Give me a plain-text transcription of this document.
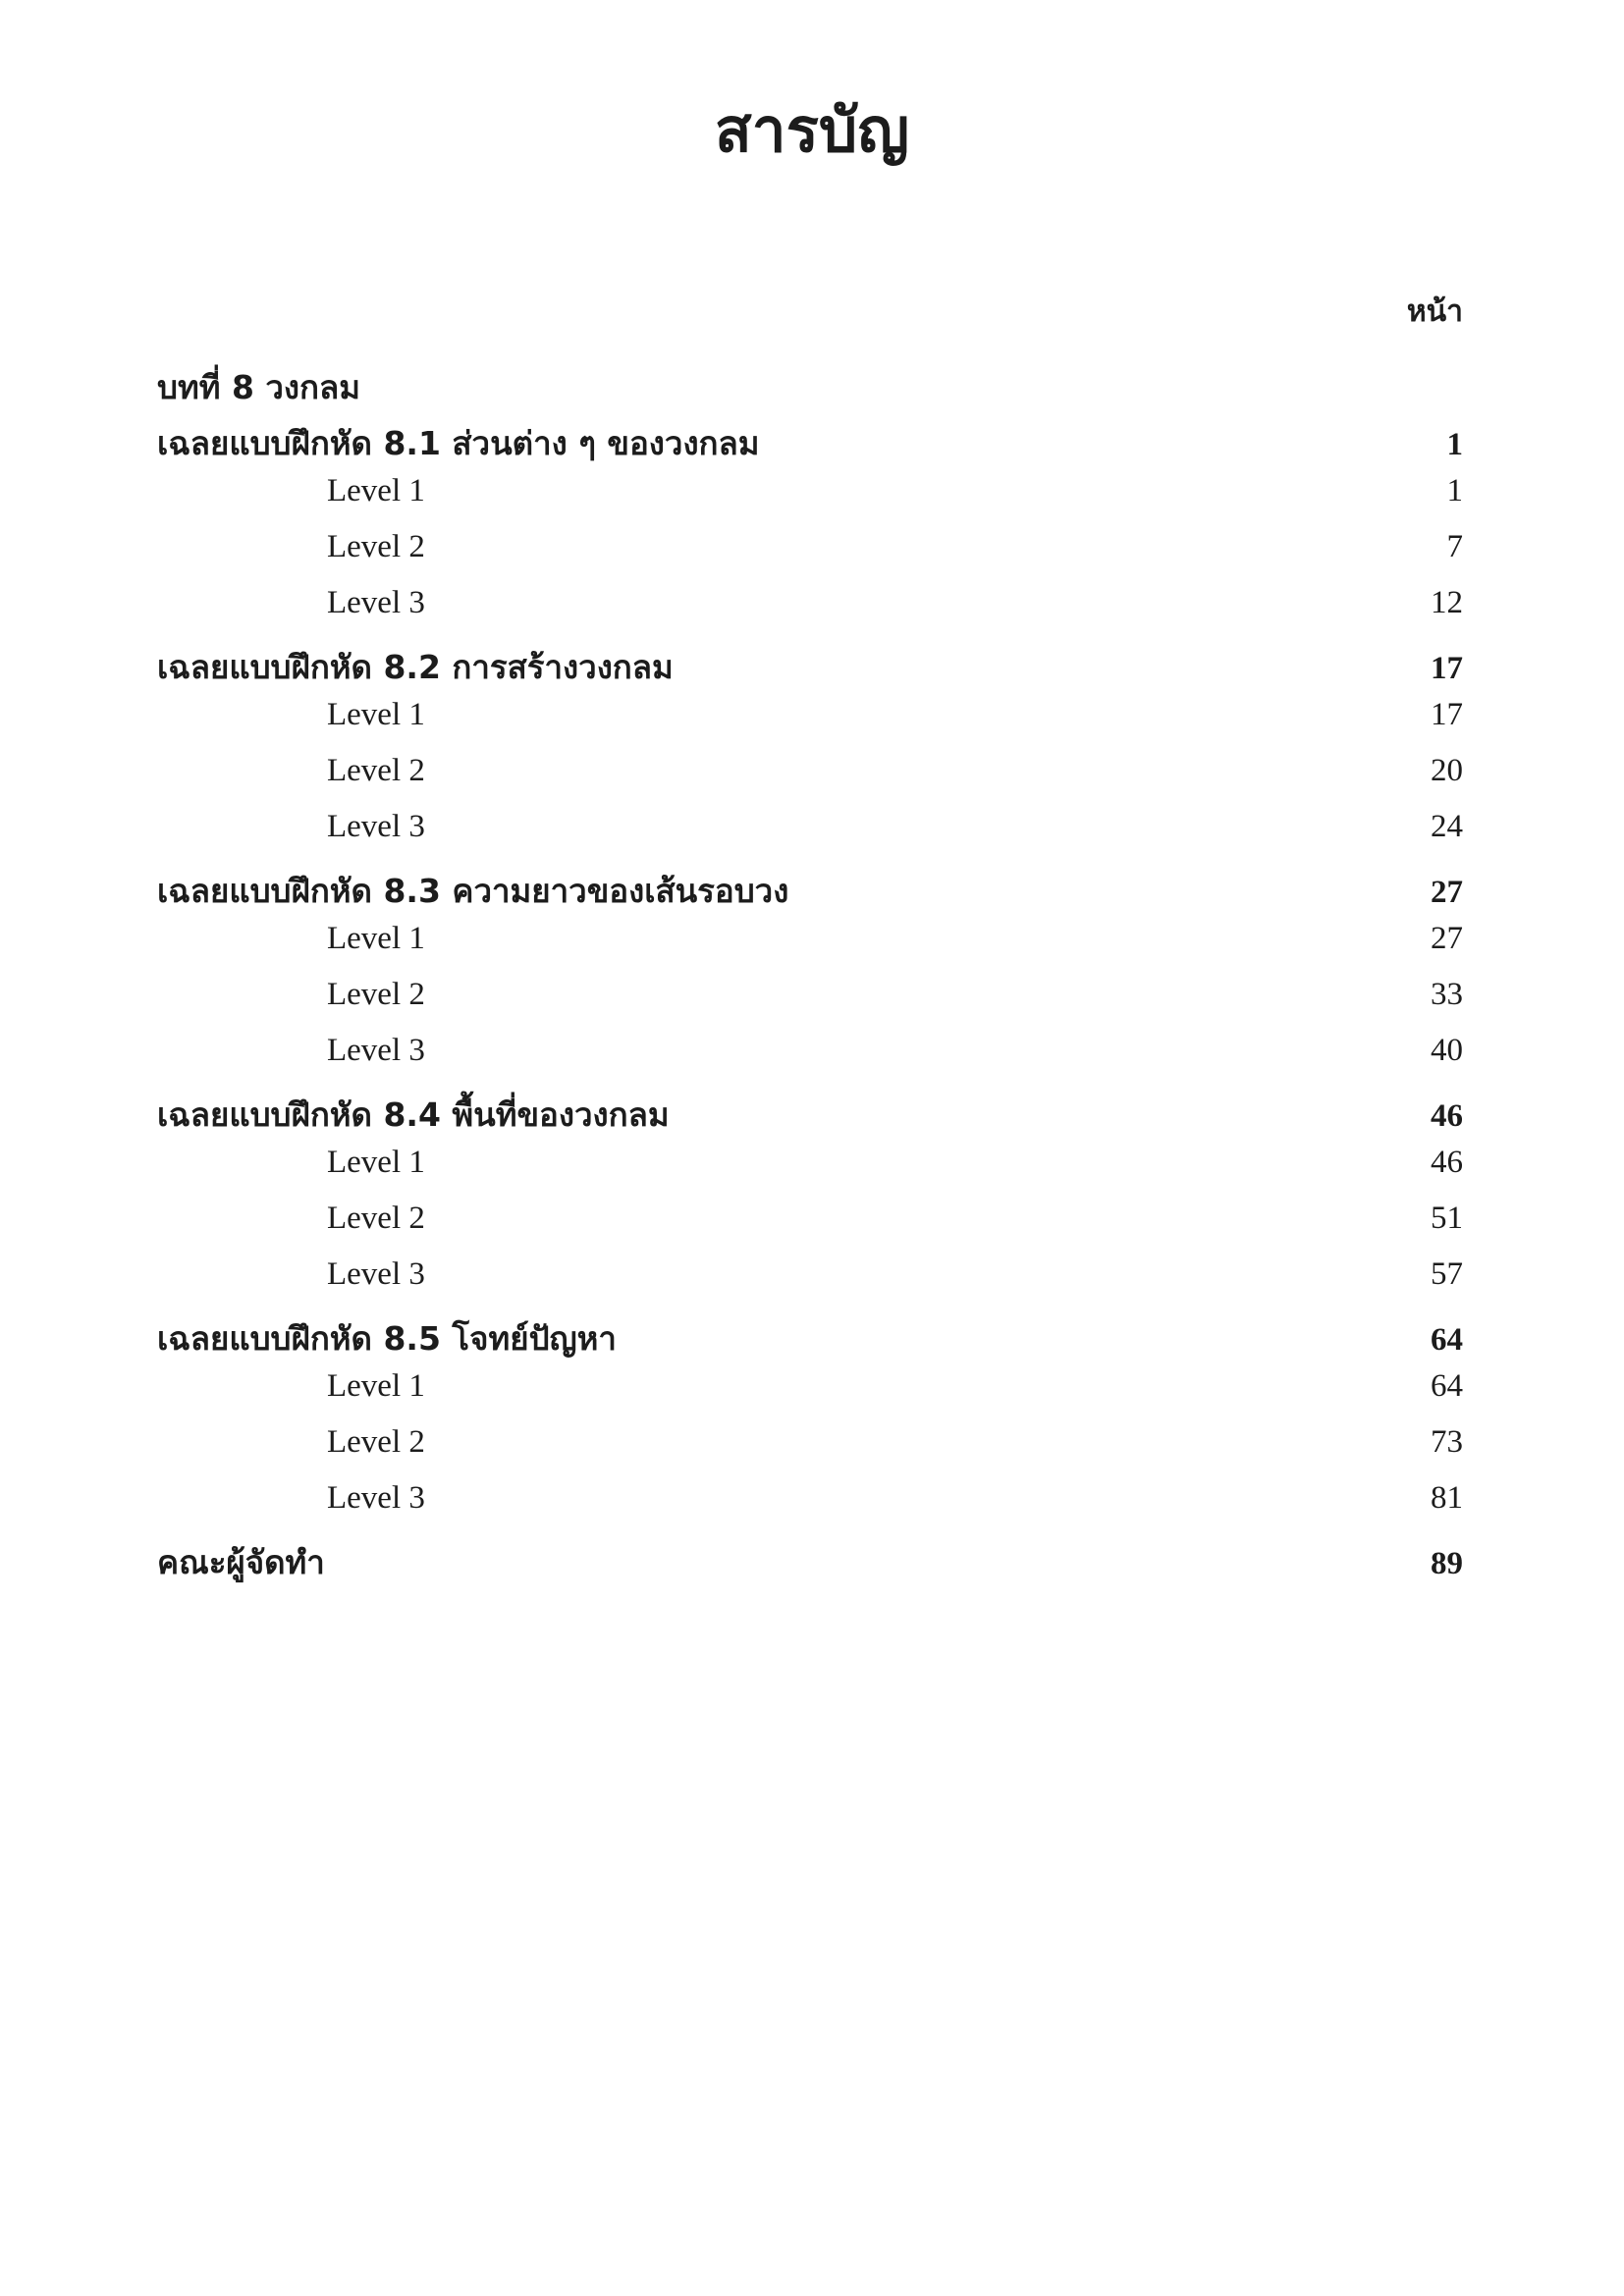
สารบัญ
หน้า
บทที่ 8 วงกลม
เฉลยแบบฝึกหัด 8.1 ส่วนต่าง ๆ ของวงกลม	1
Level 1	1
Level 2	7
Level 3	12
เฉลยแบบฝึกหัด 8.2 การสร้างวงกลม	17
Level 1	17
Level 2	20
Level 3	24
เฉลยแบบฝึกหัด 8.3 ความยาวของเส้นรอบวง	27
Level 1	27
Level 2	33
Level 3	40
เฉลยแบบฝึกหัด 8.4 พื้นที่ของวงกลม	46
Level 1	46
Level 2	51
Level 3	57
เฉลยแบบฝึกหัด 8.5 โจทย์ปัญหา	64
Level 1	64
Level 2	73
Level 3	81
คณะผู้จัดทำ	89
